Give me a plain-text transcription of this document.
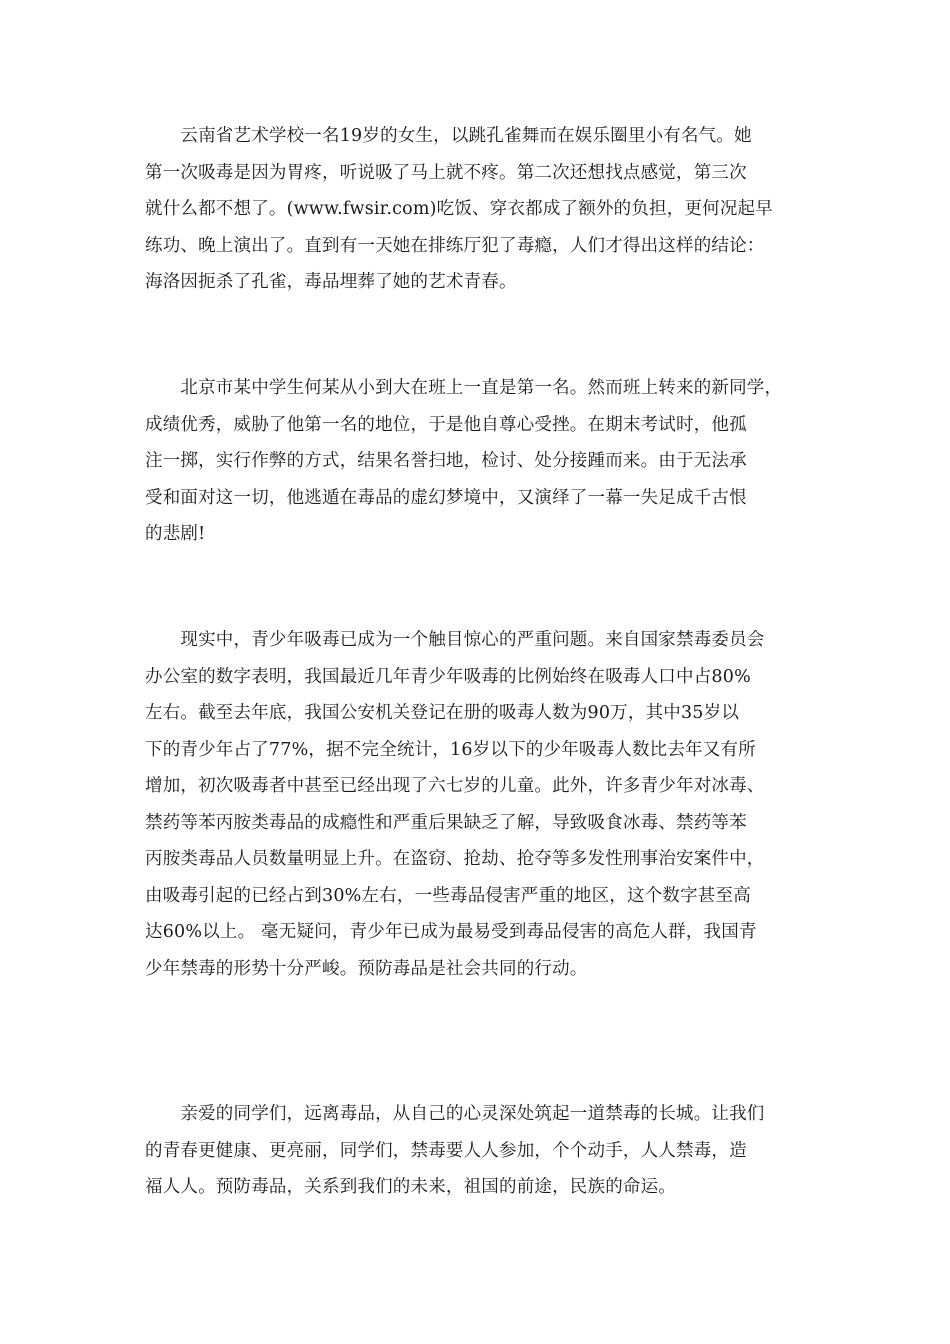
　　云南省艺术学校一名19岁的女生，以跳孔雀舞而在娱乐圈里小有名气。她
第一次吸毒是因为胃疼，听说吸了马上就不疼。第二次还想找点感觉，第三次
就什么都不想了。(www.fwsir.com)吃饭、穿衣都成了额外的负担，更何况起早
练功、晚上演出了。直到有一天她在排练厅犯了毒瘾，人们才得出这样的结论：
海洛因扼杀了孔雀，毒品埋葬了她的艺术青春。

　　北京市某中学生何某从小到大在班上一直是第一名。然而班上转来的新同学，
成绩优秀，威胁了他第一名的地位，于是他自尊心受挫。在期末考试时，他孤
注一掷，实行作弊的方式，结果名誉扫地，检讨、处分接踵而来。由于无法承
受和面对这一切，他逃遁在毒品的虚幻梦境中，又演绎了一幕一失足成千古恨
的悲剧!

　　现实中，青少年吸毒已成为一个触目惊心的严重问题。来自国家禁毒委员会
办公室的数字表明，我国最近几年青少年吸毒的比例始终在吸毒人口中占80%
左右。截至去年底，我国公安机关登记在册的吸毒人数为90万，其中35岁以
下的青少年占了77%，据不完全统计，16岁以下的少年吸毒人数比去年又有所
增加，初次吸毒者中甚至已经出现了六七岁的儿童。此外，许多青少年对冰毒、
禁药等苯丙胺类毒品的成瘾性和严重后果缺乏了解，导致吸食冰毒、禁药等苯
丙胺类毒品人员数量明显上升。在盗窃、抢劫、抢夺等多发性刑事治安案件中，
由吸毒引起的已经占到30%左右，一些毒品侵害严重的地区，这个数字甚至高
达60%以上。 毫无疑问，青少年已成为最易受到毒品侵害的高危人群，我国青
少年禁毒的形势十分严峻。预防毒品是社会共同的行动。

　　亲爱的同学们，远离毒品，从自己的心灵深处筑起一道禁毒的长城。让我们
的青春更健康、更亮丽，同学们，禁毒要人人参加，个个动手，人人禁毒，造
福人人。预防毒品，关系到我们的未来，祖国的前途，民族的命运。
